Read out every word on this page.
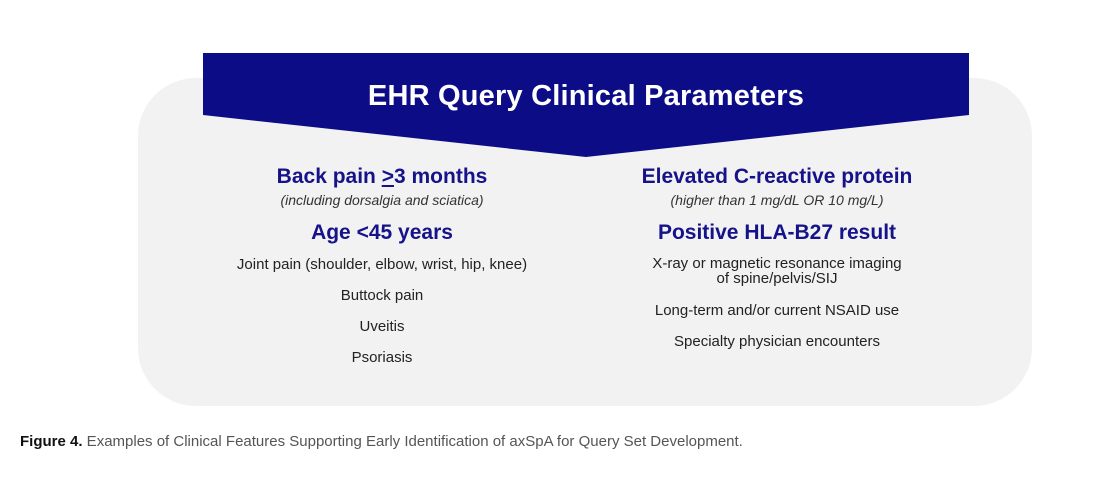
EHR Query Clinical Parameters

Back pain ≥3 months

(including dorsalgia and sciatica)

Age <45 years

Joint pain (shoulder, elbow, wrist, hip, knee)
Buttock pain
Uveitis
Psoriasis

Elevated C-reactive protein

(higher than 1 mg/dL OR 10 mg/L)

Positive HLA-B27 result

X-ray or magnetic resonance imaging
of spine/pelvis/SIJ
Long-term and/or current NSAID use
Specialty physician encounters
Figure 4. Examples of Clinical Features Supporting Early Identification of axSpA for Query Set Development.
